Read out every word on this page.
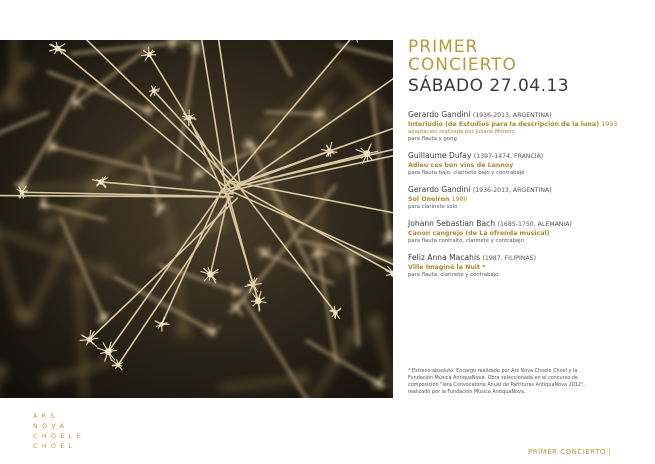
PRIMER
CONCIERTO
SÁBADO 27.04.13
Gerardo Gandini (1936-2013, ARGENTINA)
Interludio (de Estudios para la descripción de la luna) 1993
adaptación realizada por Juliano Moreno
para flauta y gong
Guillaume Dufay (1397-1474, FRANCIA)
Adieu ces bon vins de Lannoy
para flauta bajo, clarinete bajo y contrabajo
Gerardo Gandini (1936-2013, ARGENTINA)
Sol Oneiron 1980
para clarinete solo
Johann Sebastian Bach (1685-1750, ALEMANIA)
Canon cangrejo (de La ofrenda musical)
para flauta contralto, clarinete y contrabajo
Feliz Anna Macahis (1987, FILIPINAS)
Ville Imaginé la Nuit *
para flauta, clarinete y contrabajo
* Estreno absoluto. Encargo realizado por Ars Nova Choele Choel y la
Fundación Música AntiquaNova. Obra seleccionada en el concurso de
composición "Iera Convocatoria Anual de Partituras AntiquaNova 2012",
realizado por la Fundación Música AntiquaNova.
ARS
NOVA
CHOELE
CHOEL
PRIMER CONCIERTO |
